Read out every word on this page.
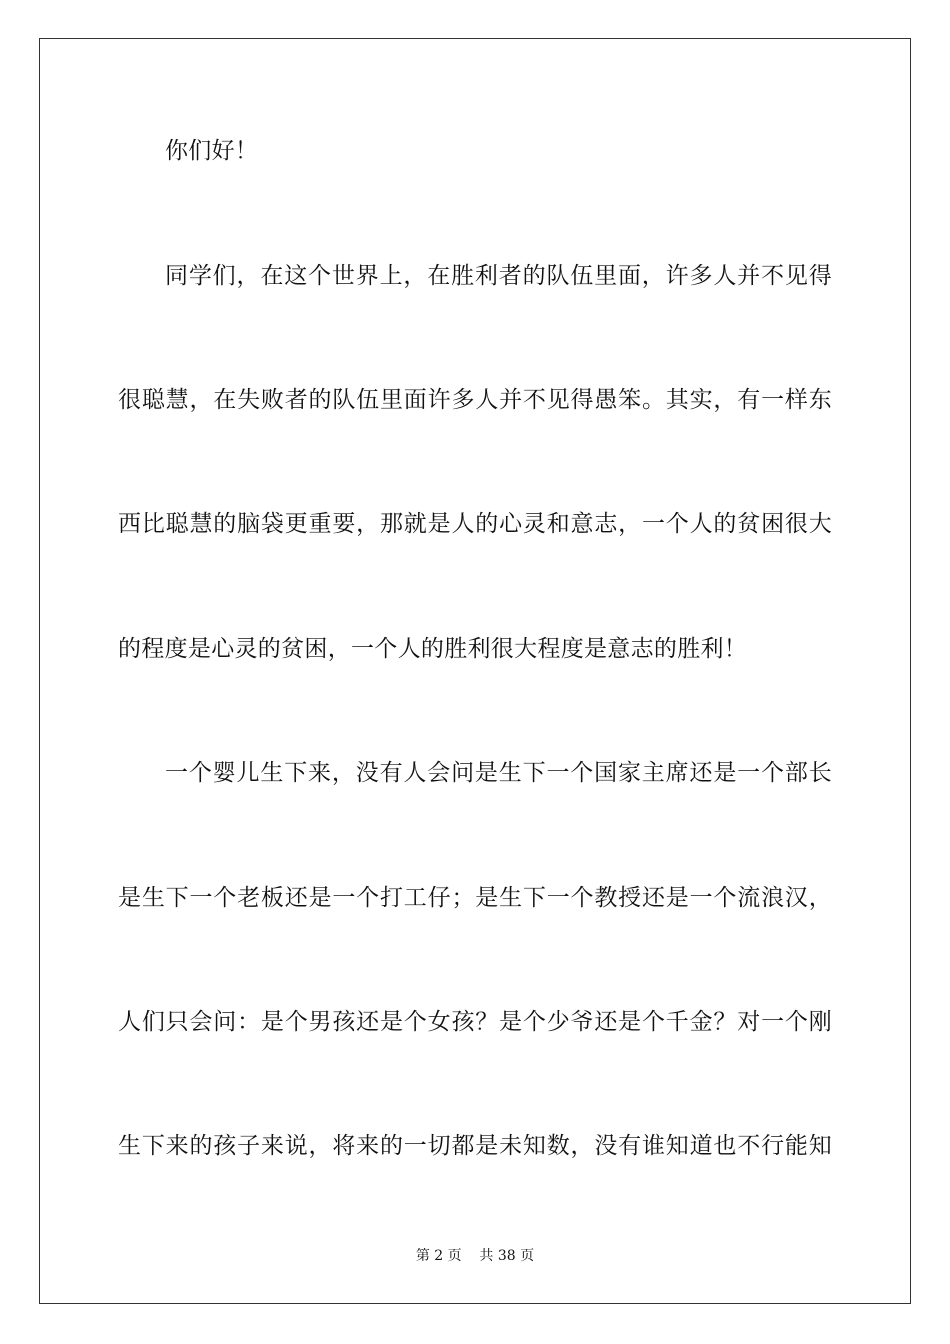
你们好！
同学们，在这个世界上，在胜利者的队伍里面，许多人并不见得
很聪慧，在失败者的队伍里面许多人并不见得愚笨。其实，有一样东
西比聪慧的脑袋更重要，那就是人的心灵和意志，一个人的贫困很大
的程度是心灵的贫困，一个人的胜利很大程度是意志的胜利！
一个婴儿生下来，没有人会问是生下一个国家主席还是一个部长
是生下一个老板还是一个打工仔；是生下一个教授还是一个流浪汉，
人们只会问：是个男孩还是个女孩？是个少爷还是个千金？对一个刚
生下来的孩子来说，将来的一切都是未知数，没有谁知道也不行能知
第 2 页    共 38 页
